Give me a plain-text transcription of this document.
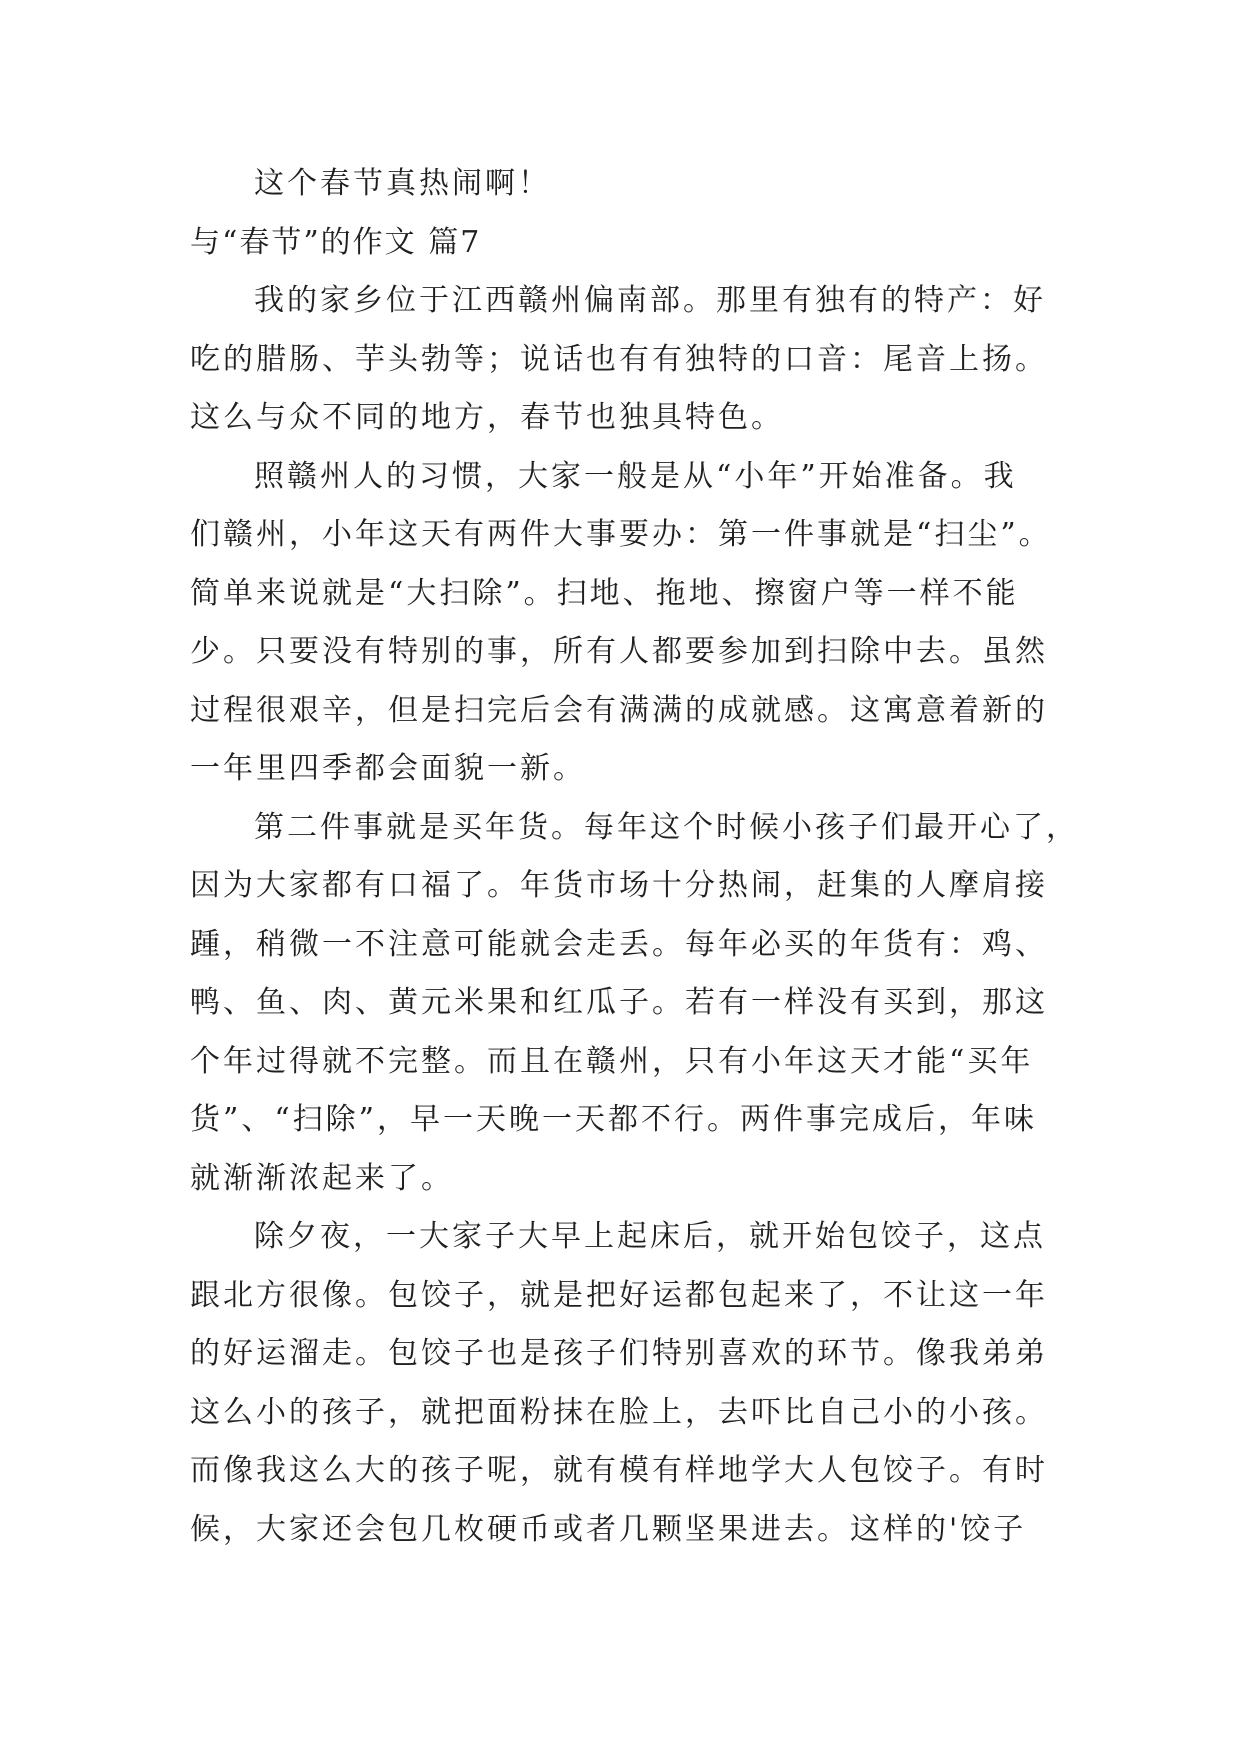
这个春节真热闹啊！
与“春节”的作文 篇7
我的家乡位于江西赣州偏南部。那里有独有的特产：好
吃的腊肠、芋头勃等；说话也有有独特的口音：尾音上扬。
这么与众不同的地方，春节也独具特色。
照赣州人的习惯，大家一般是从“小年”开始准备。我
们赣州，小年这天有两件大事要办：第一件事就是“扫尘”。
简单来说就是“大扫除”。扫地、拖地、擦窗户等一样不能
少。只要没有特别的事，所有人都要参加到扫除中去。虽然
过程很艰辛，但是扫完后会有满满的成就感。这寓意着新的
一年里四季都会面貌一新。
第二件事就是买年货。每年这个时候小孩子们最开心了，
因为大家都有口福了。年货市场十分热闹，赶集的人摩肩接
踵，稍微一不注意可能就会走丢。每年必买的年货有：鸡、
鸭、鱼、肉、黄元米果和红瓜子。若有一样没有买到，那这
个年过得就不完整。而且在赣州，只有小年这天才能“买年
货”、“扫除”，早一天晚一天都不行。两件事完成后，年味
就渐渐浓起来了。
除夕夜，一大家子大早上起床后，就开始包饺子，这点
跟北方很像。包饺子，就是把好运都包起来了，不让这一年
的好运溜走。包饺子也是孩子们特别喜欢的环节。像我弟弟
这么小的孩子，就把面粉抹在脸上，去吓比自己小的小孩。
而像我这么大的孩子呢，就有模有样地学大人包饺子。有时
候，大家还会包几枚硬币或者几颗坚果进去。这样的'饺子
